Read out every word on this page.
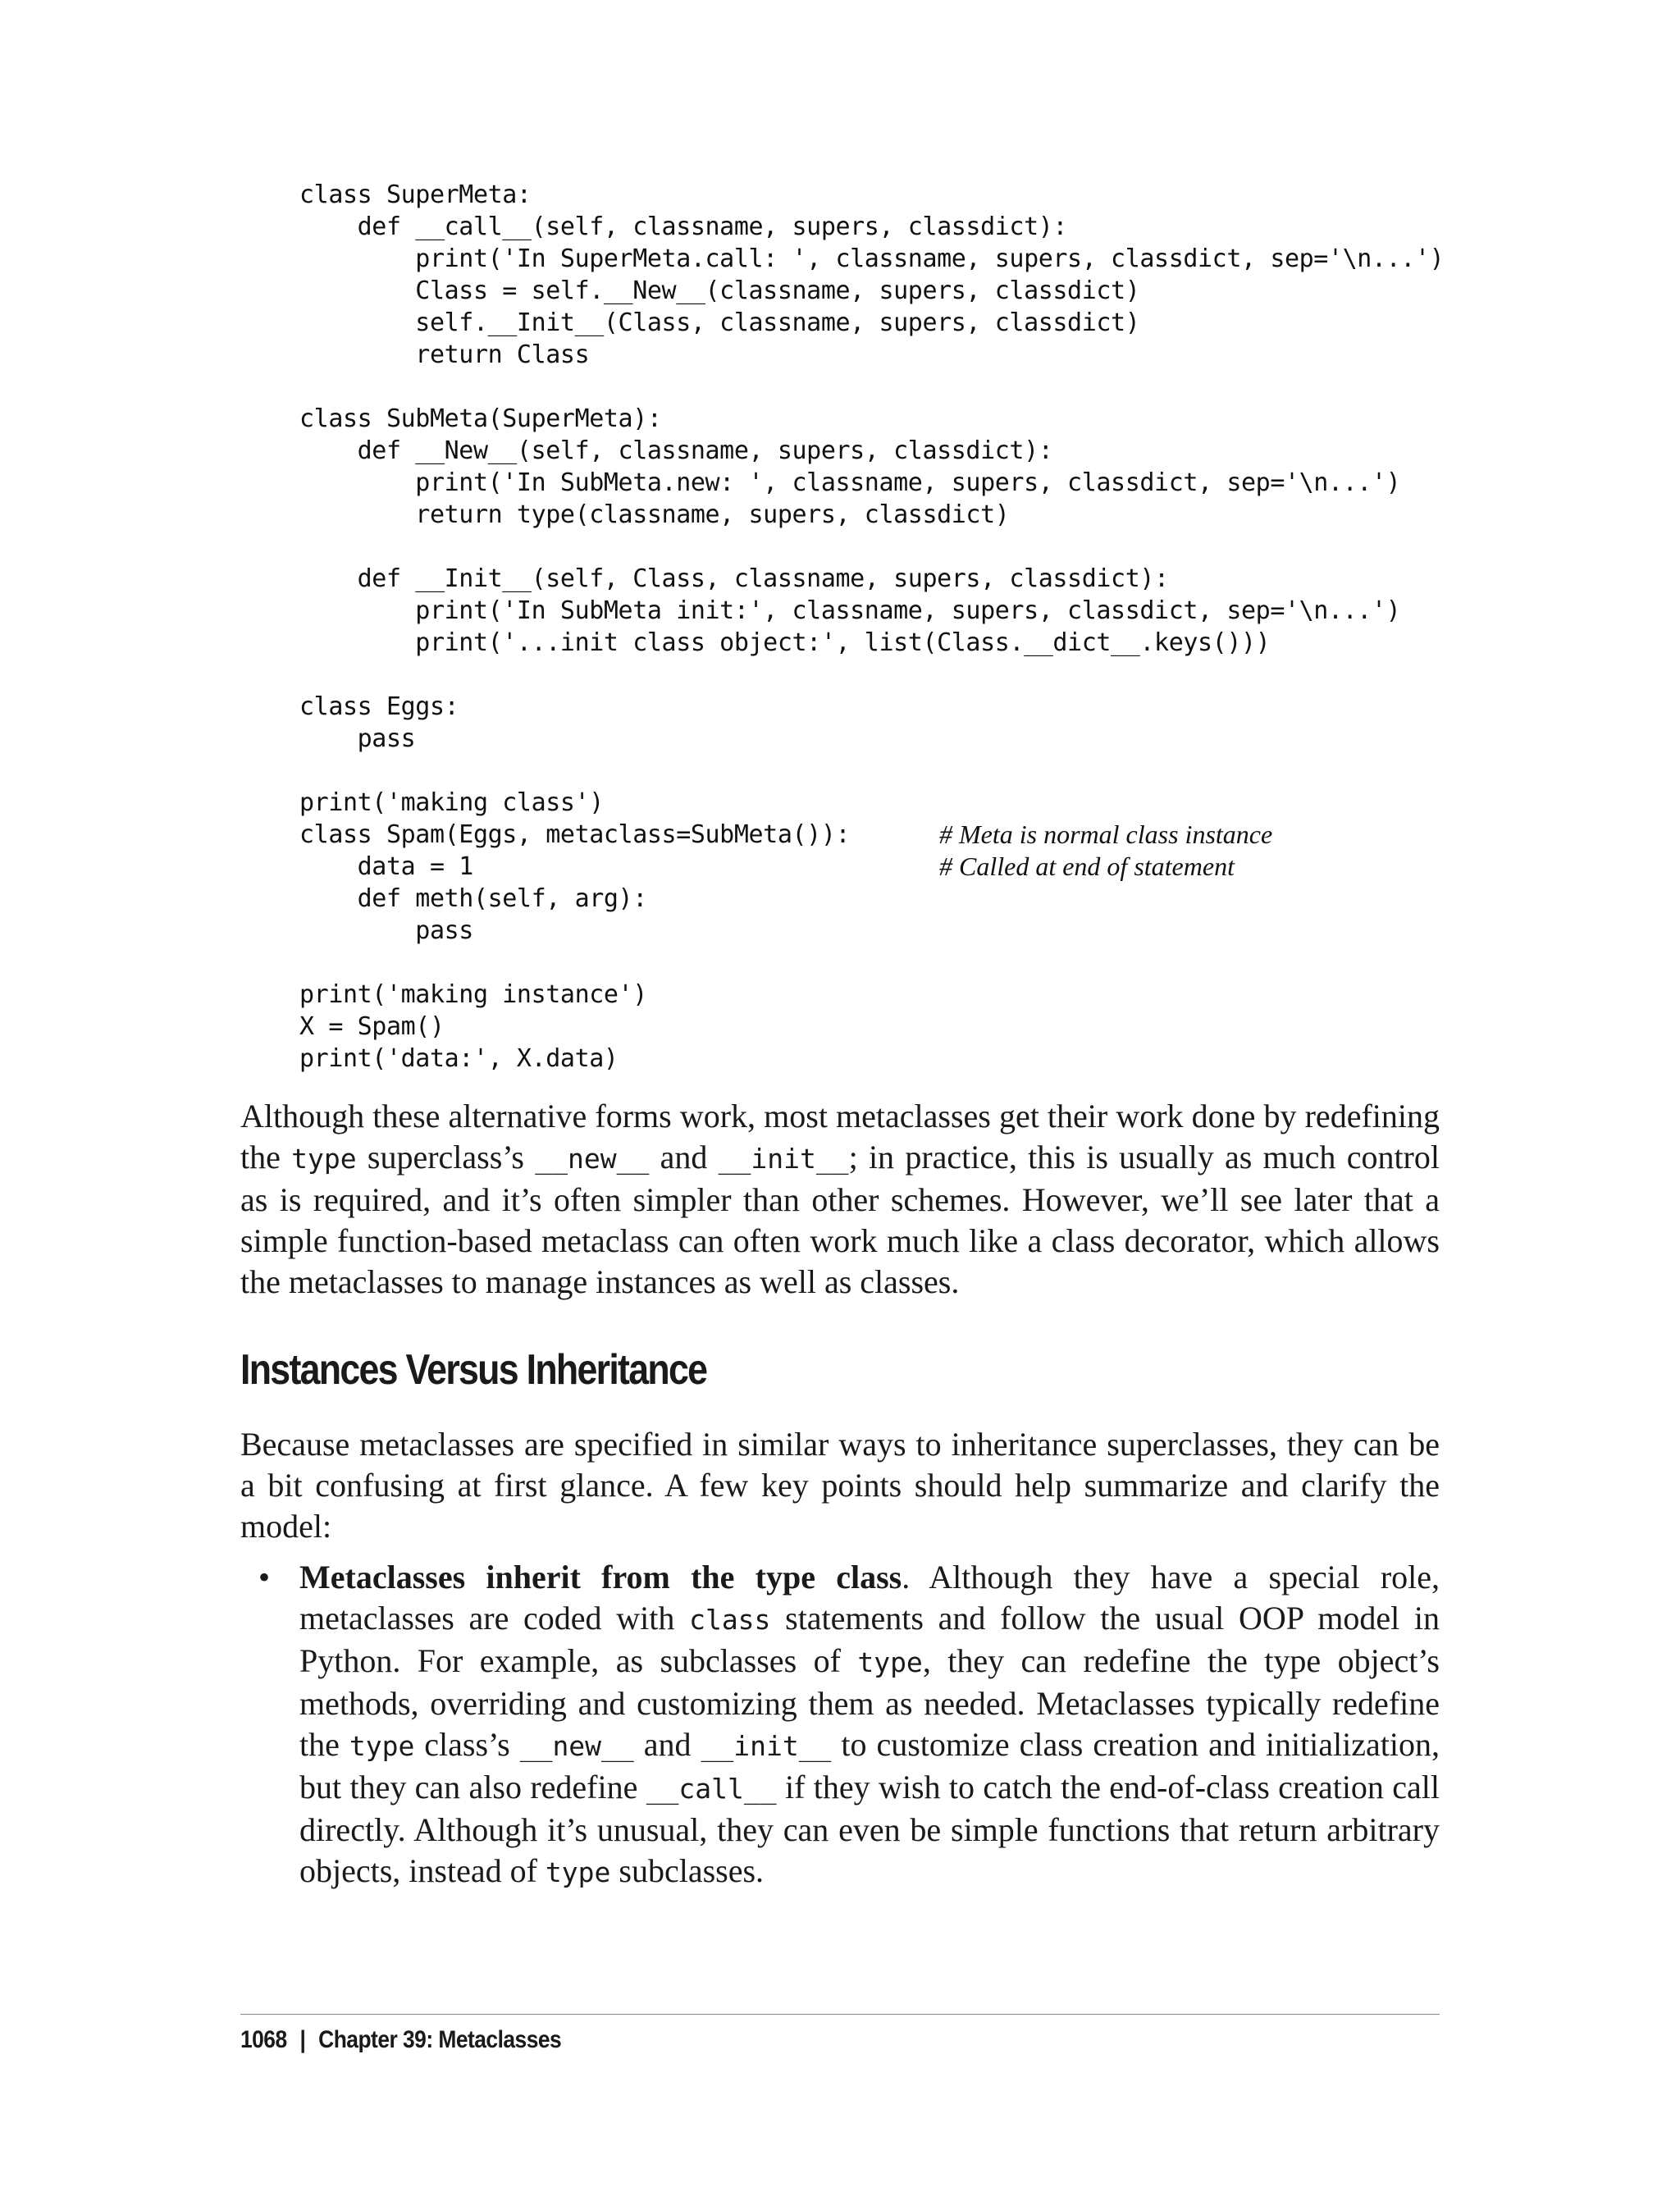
class SuperMeta:
def __call__(self, classname, supers, classdict):
print('In SuperMeta.call: ', classname, supers, classdict, sep='\n...')
Class = self.__New__(classname, supers, classdict)
self.__Init__(Class, classname, supers, classdict)
return Class
class SubMeta(SuperMeta):
def __New__(self, classname, supers, classdict):
print('In SubMeta.new: ', classname, supers, classdict, sep='\n...')
return type(classname, supers, classdict)
def __Init__(self, Class, classname, supers, classdict):
print('In SubMeta init:', classname, supers, classdict, sep='\n...')
print('...init class object:', list(Class.__dict__.keys()))
class Eggs:
pass
print('making class')
class Spam(Eggs, metaclass=SubMeta()):	# Meta is normal class instance
data = 1	# Called at end of statement
def meth(self, arg):
pass
print('making instance')
X = Spam()
print('data:', X.data)

Although these alternative forms work, most metaclasses get their work done by redefining the type superclass’s __new__ and __init__; in practice, this is usually as much control as is required, and it’s often simpler than other schemes. However, we’ll see later that a simple function-based metaclass can often work much like a class decorator, which allows the metaclasses to manage instances as well as classes.

Instances Versus Inheritance

Because metaclasses are specified in similar ways to inheritance superclasses, they can be a bit confusing at first glance. A few key points should help summarize and clarify the model:

• Metaclasses inherit from the type class. Although they have a special role, metaclasses are coded with class statements and follow the usual OOP model in Python. For example, as subclasses of type, they can redefine the type object’s methods, overriding and customizing them as needed. Metaclasses typically redefine the type class’s __new__ and __init__ to customize class creation and initialization, but they can also redefine __call__ if they wish to catch the end-of-class creation call directly. Although it’s unusual, they can even be simple functions that return arbitrary objects, instead of type subclasses.

1068 | Chapter 39: Metaclasses
